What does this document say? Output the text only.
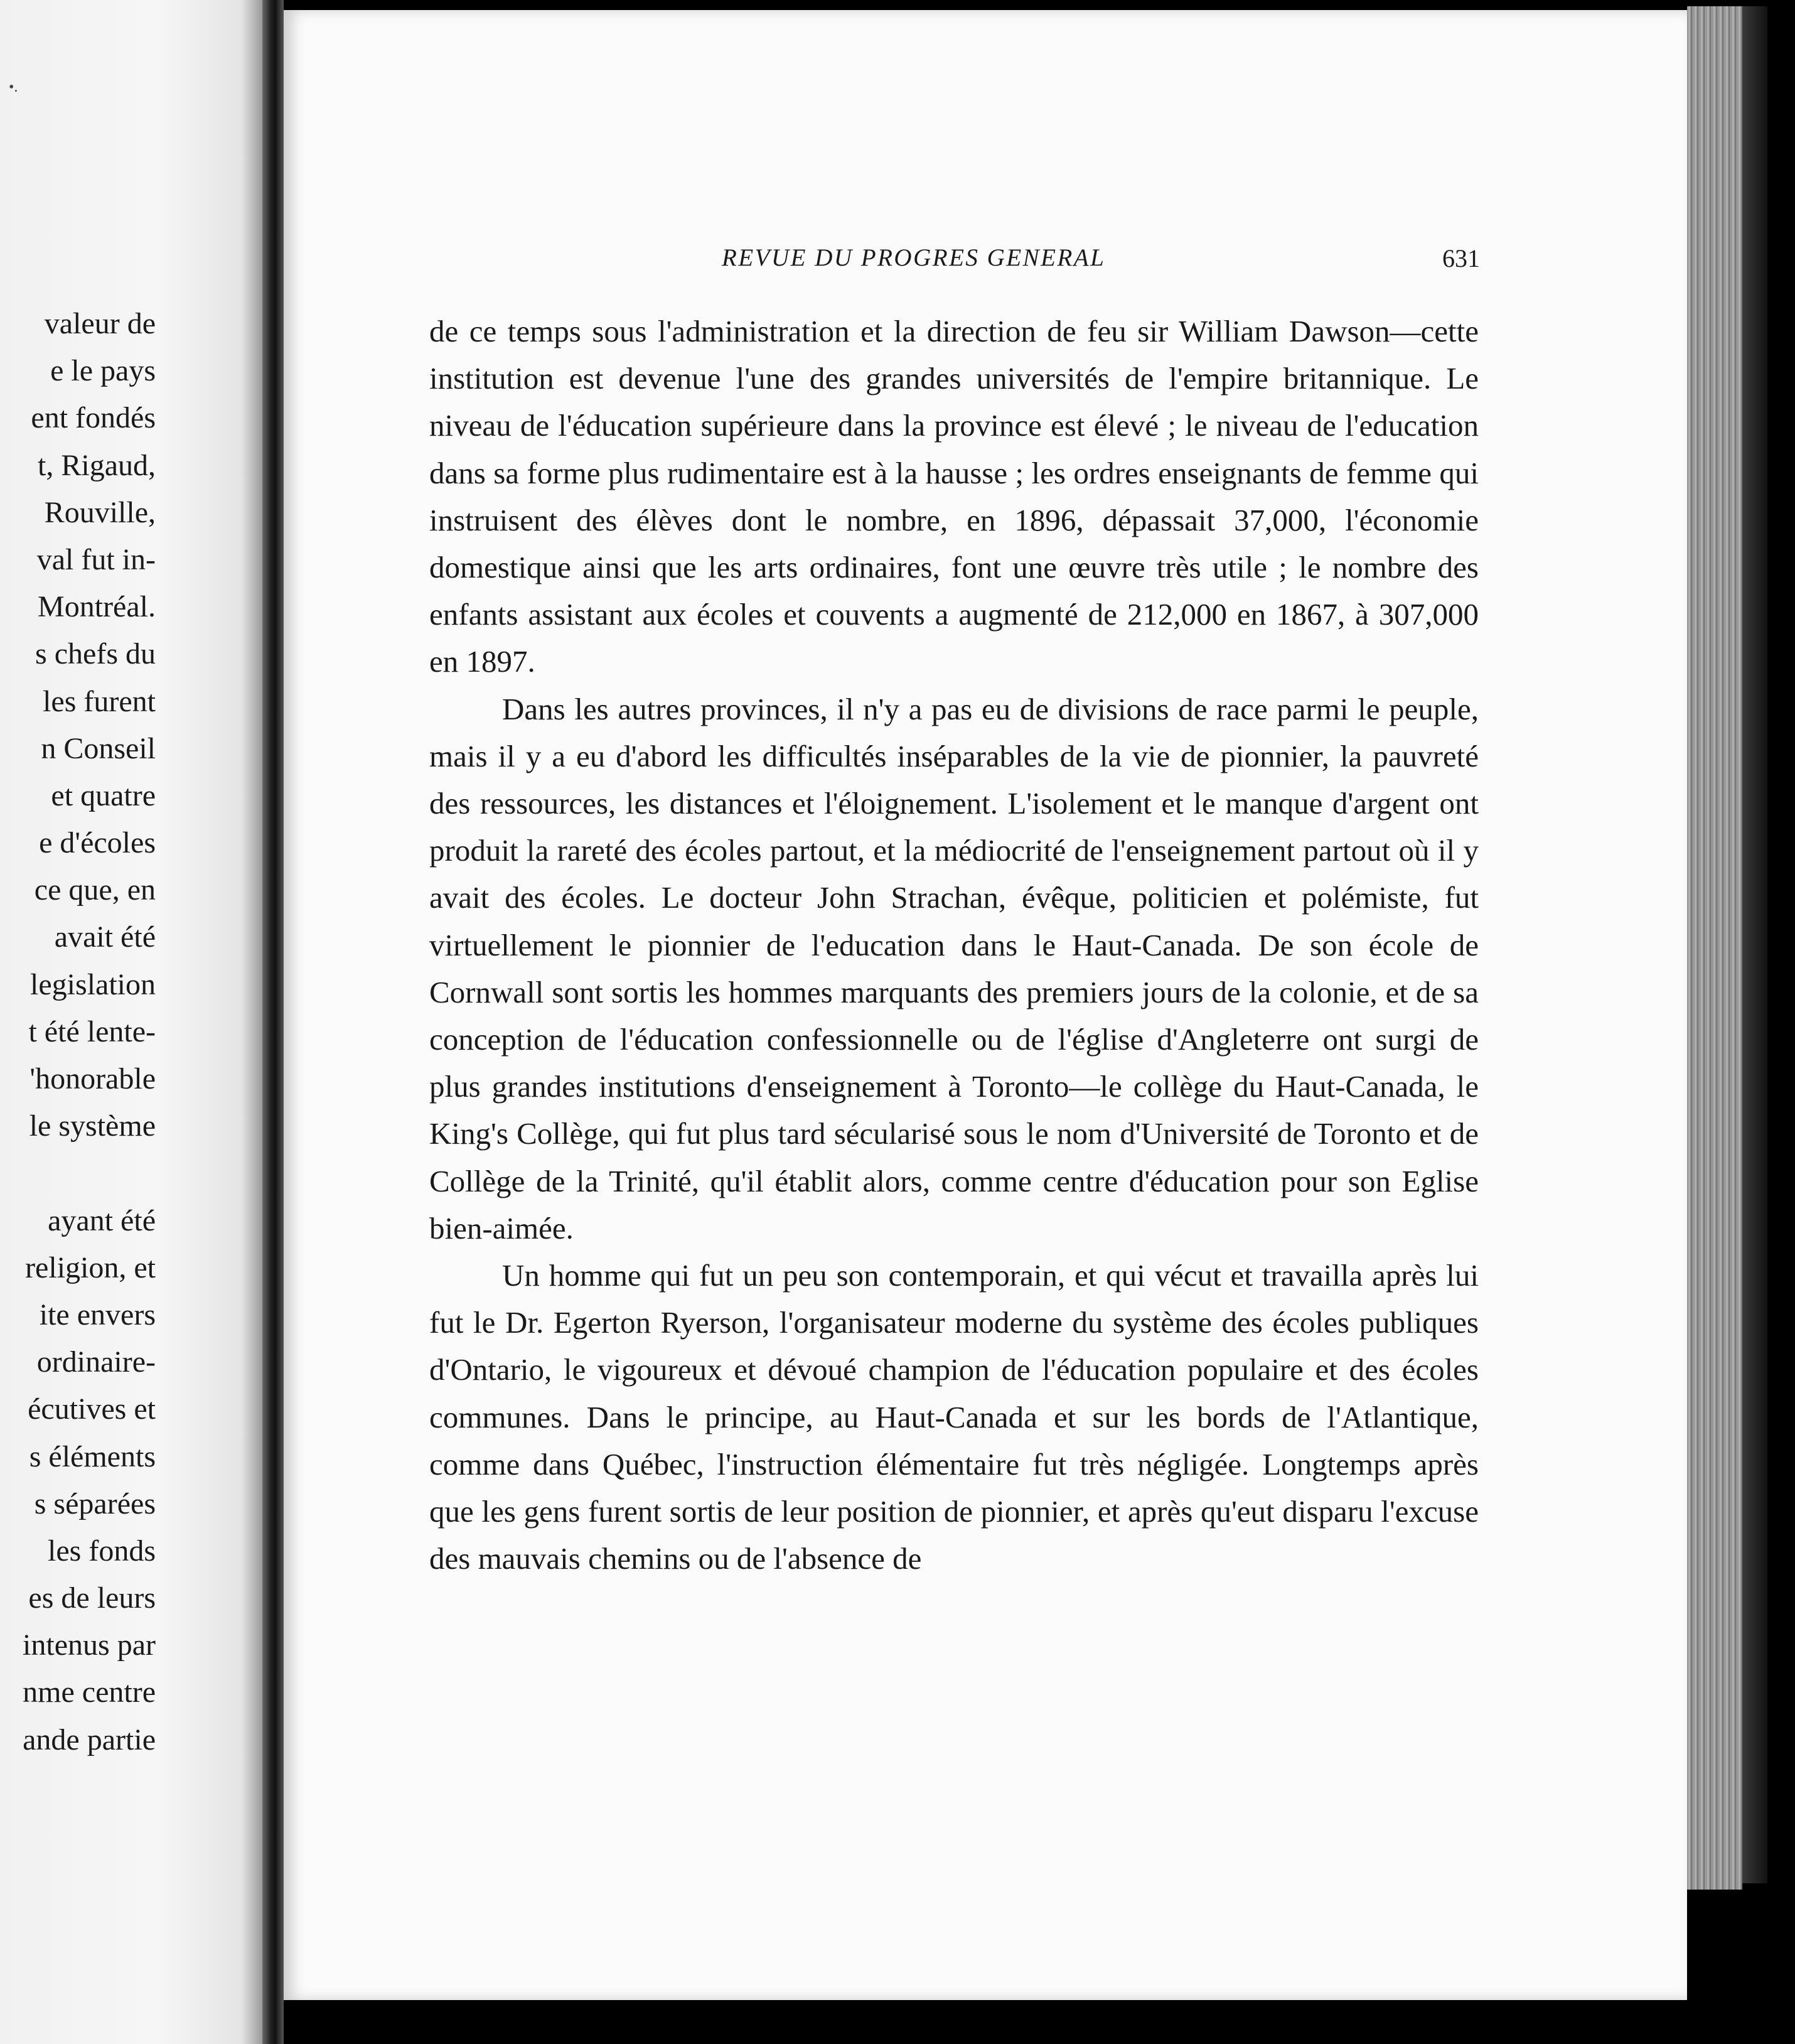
•.
valeur de
e le pays
ent fondés
t, Rigaud,
Rouville,
val fut in-
Montréal.
s chefs du
les furent
n Conseil
et quatre
e d'écoles
ce que, en
avait été
legislation
t été lente-
'honorable
le système
ayant été
religion, et
ite envers
ordinaire-
écutives et
s éléments
s séparées
les fonds
es de leurs
intenus par
nme centre
ande partie
REVUE DU PROGRES GENERAL	631

de ce temps sous l'administration et la direction de feu sir William Dawson—cette institution est devenue l'une des grandes universités de l'empire britannique. Le niveau de l'éducation supérieure dans la province est élevé ; le niveau de l'education dans sa forme plus rudimentaire est à la hausse ; les ordres enseignants de femme qui instruisent des élèves dont le nombre, en 1896, dépassait 37,000, l'économie domestique ainsi que les arts ordinaires, font une œuvre très utile ; le nombre des enfants assistant aux écoles et couvents a augmenté de 212,000 en 1867, à 307,000 en 1897.

Dans les autres provinces, il n'y a pas eu de divisions de race parmi le peuple, mais il y a eu d'abord les difficultés inséparables de la vie de pionnier, la pauvreté des ressources, les distances et l'éloignement. L'isolement et le manque d'argent ont produit la rareté des écoles partout, et la médiocrité de l'enseignement partout où il y avait des écoles. Le docteur John Strachan, évêque, politicien et polémiste, fut virtuellement le pionnier de l'education dans le Haut-Canada. De son école de Cornwall sont sortis les hommes marquants des premiers jours de la colonie, et de sa conception de l'éducation confessionnelle ou de l'église d'Angleterre ont surgi de plus grandes institutions d'enseignement à Toronto—le collège du Haut-Canada, le King's Collège, qui fut plus tard sécularisé sous le nom d'Université de Toronto et de Collège de la Trinité, qu'il établit alors, comme centre d'éducation pour son Eglise bien-aimée.

Un homme qui fut un peu son contemporain, et qui vécut et travailla après lui fut le Dr. Egerton Ryerson, l'organisateur moderne du système des écoles publiques d'Ontario, le vigoureux et dévoué champion de l'éducation populaire et des écoles communes. Dans le principe, au Haut-Canada et sur les bords de l'Atlantique, comme dans Québec, l'instruction élémentaire fut très négligée. Longtemps après que les gens furent sortis de leur position de pionnier, et après qu'eut disparu l'excuse des mauvais chemins ou de l'absence de
